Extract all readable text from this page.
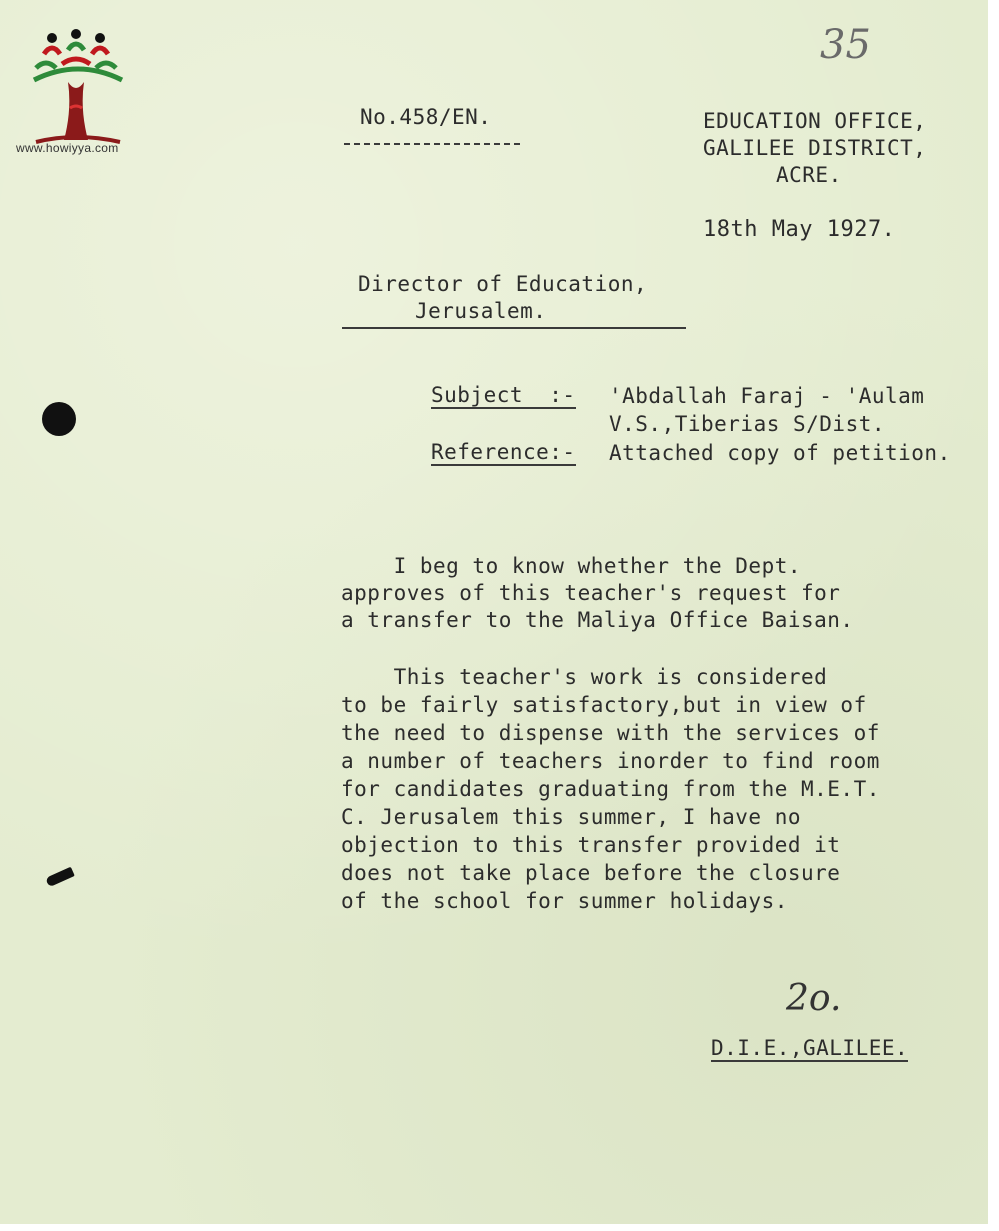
www.howiyya.com
35
No.458/EN.	EDUCATION OFFICE,
GALILEE DISTRICT,
ACRE.
18th May 1927.
Director of Education,
Jerusalem.
Subject  :- 'Abdallah Faraj - 'Aulam
V.S.,Tiberias S/Dist.
Reference:- Attached copy of petition.
I beg to know whether the Dept.
approves of this teacher's request for
a transfer to the Maliya Office Baisan.
This teacher's work is considered
to be fairly satisfactory,but in view of
the need to dispense with the services of
a number of teachers inorder to find room
for candidates graduating from the M.E.T.
C. Jerusalem this summer, I have no
objection to this transfer provided it
does not take place before the closure
of the school for summer holidays.
2o.
D.I.E.,GALILEE.
